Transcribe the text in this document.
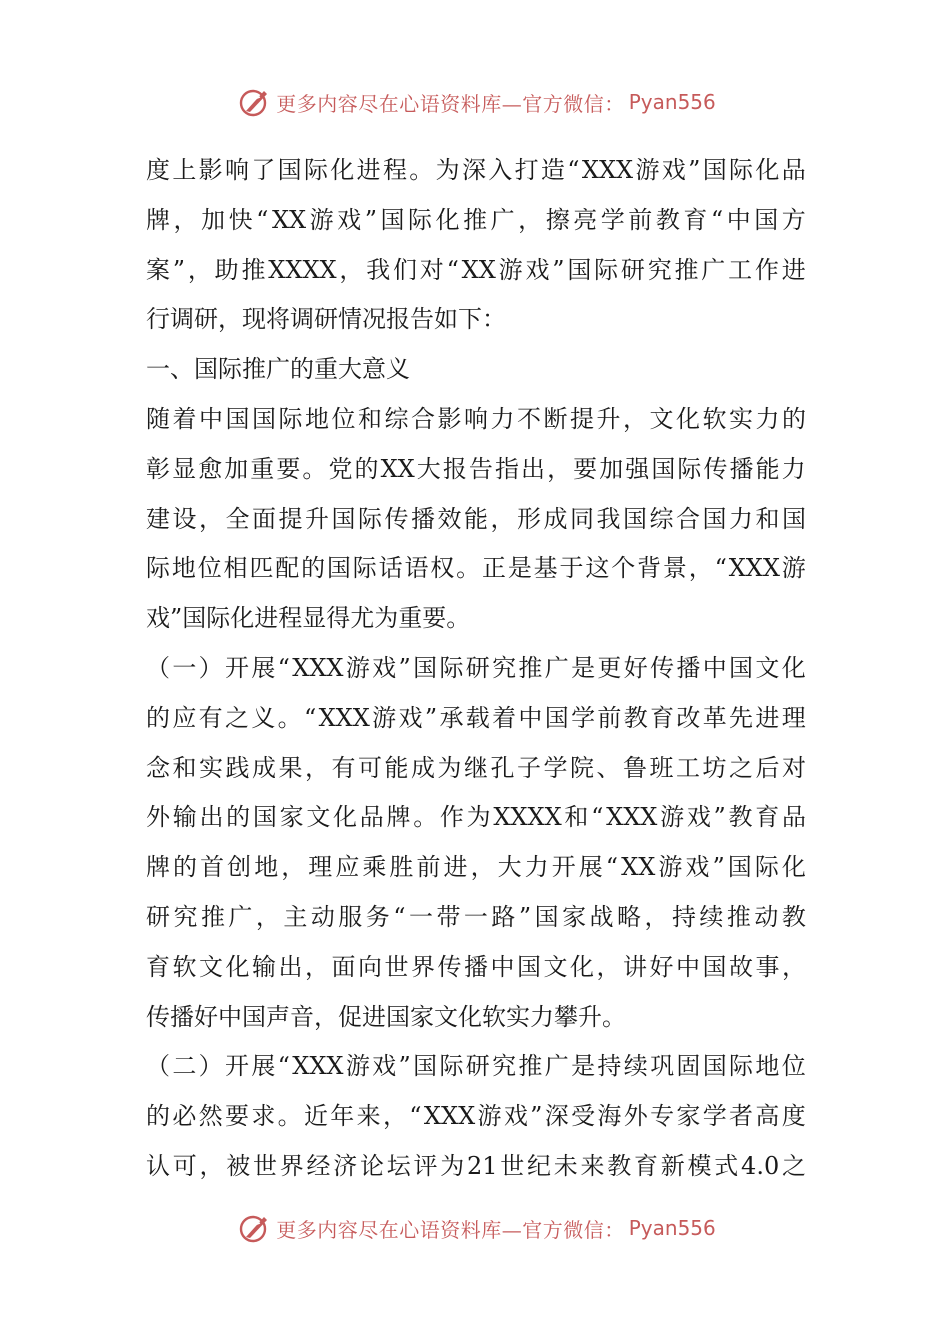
更多内容尽在心语资料库—官方微信： Pyan556
度 上 影 响 了 国 际 化 进 程 。 为 深 入 打 造 “ XXX 游 戏 ” 国 际 化 品
牌 ， 加 快 “ XX 游 戏 ” 国 际 化 推 广 ， 擦 亮 学 前 教 育 “ 中 国 方
案 ” ， 助 推 XXXX ， 我 们 对 “ XX 游 戏 ” 国 际 研 究 推 广 工 作 进
行调研，现将调研情况报告如下：
一、国际推广的重大意义
随 着 中 国 国 际 地 位 和 综 合 影 响 力 不 断 提 升 ， 文 化 软 实 力 的
彰 显 愈 加 重 要 。 党 的 XX 大 报 告 指 出 ， 要 加 强 国 际 传 播 能 力
建 设 ， 全 面 提 升 国 际 传 播 效 能 ， 形 成 同 我 国 综 合 国 力 和 国
际 地 位 相 匹 配 的 国 际 话 语 权 。 正 是 基 于 这 个 背 景 ， “ XXX 游
戏”国际化进程显得尤为重要。
（ 一 ） 开 展 “ XXX 游 戏 ” 国 际 研 究 推 广 是 更 好 传 播 中 国 文 化
的 应 有 之 义 。 “ XXX 游 戏 ” 承 载 着 中 国 学 前 教 育 改 革 先 进 理
念 和 实 践 成 果 ， 有 可 能 成 为 继 孔 子 学 院 、 鲁 班 工 坊 之 后 对
外 输 出 的 国 家 文 化 品 牌 。 作 为 XXXX 和 “ XXX 游 戏 ” 教 育 品
牌 的 首 创 地 ， 理 应 乘 胜 前 进 ， 大 力 开 展 “ XX 游 戏 ” 国 际 化
研 究 推 广 ， 主 动 服 务 “ 一 带 一 路 ” 国 家 战 略 ， 持 续 推 动 教
育 软 文 化 输 出 ， 面 向 世 界 传 播 中 国 文 化 ， 讲 好 中 国 故 事 ，
传播好中国声音，促进国家文化软实力攀升。
（ 二 ） 开 展 “ XXX 游 戏 ” 国 际 研 究 推 广 是 持 续 巩 固 国 际 地 位
的 必 然 要 求 。 近 年 来 ， “ XXX 游 戏 ” 深 受 海 外 专 家 学 者 高 度
认 可 ， 被 世 界 经 济 论 坛 评 为 21 世 纪 未 来 教 育 新 模 式 4.0 之
更多内容尽在心语资料库—官方微信： Pyan556
